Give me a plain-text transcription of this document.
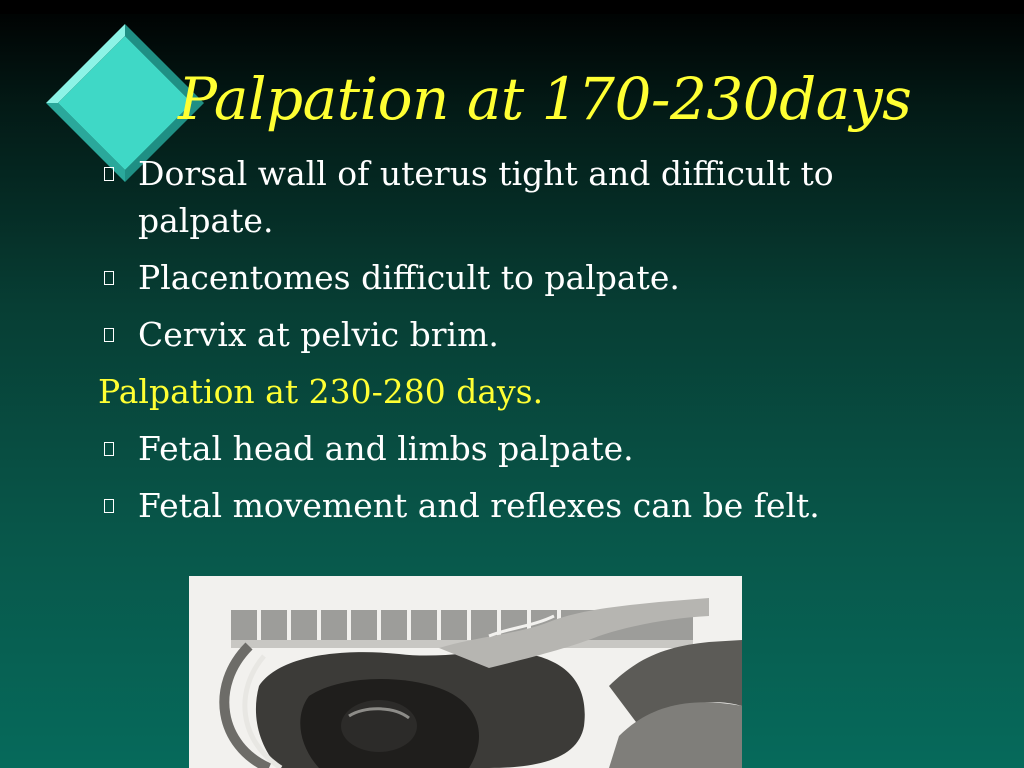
Palpation at 170-230days
Dorsal wall of uterus tight and difficult to palpate.
Placentomes difficult to palpate.
Cervix at pelvic brim.
Palpation at 230-280 days.
Fetal head and limbs palpate.
Fetal movement and reflexes can be felt.
